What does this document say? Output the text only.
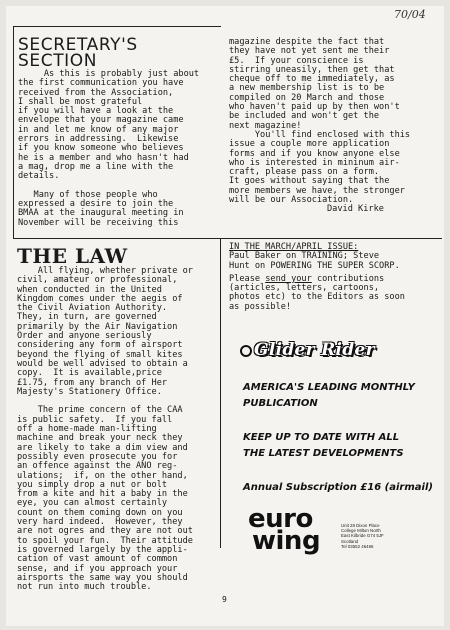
70/04
SECRETARY'S
SECTION
As this is probably just about
the first communication you have
received from the Association,
I shall be most grateful
if you will have a look at the
envelope that your magazine came
in and let me know of any major
errors in addressing.  Likewise
if you know someone who believes
he is a member and who hasn't had
a mag, drop me a line with the
details.

Many of those people who
expressed a desire to join the
BMAA at the inaugural meeting in
November will be receiving this
magazine despite the fact that
they have not yet sent me their
£5.  If your conscience is
stirring uneasily, then get that
cheque off to me immediately, as
a new membership list is to be
compiled on 20 March and those
who haven't paid up by then won't
be included and won't get the
next magazine!
You'll find enclosed with this
issue a couple more application
forms and if you know anyone else
who is interested in mininum air-
craft, please pass on a form.
It goes without saying that the
more members we have, the stronger
will be our Association.
David Kirke
THE LAW
All flying, whether private or
civil, amateur or professional,
when conducted in the United
Kingdom comes under the aegis of
the Civil Aviation Authority.
They, in turn, are governed
primarily by the Air Navigation
Order and anyone seriously
considering any form of airsport
beyond the flying of small kites
would be well advised to obtain a
copy.  It is available,price
£1.75, from any branch of Her
Majesty's Stationery Office.

The prime concern of the CAA
is public safety.  If you fall
off a home-made man-lifting
machine and break your neck they
are likely to take a dim view and
possibly even prosecute you for
an offence against the ANO reg-
ulations;  if, on the other hand,
you simply drop a nut or bolt
from a kite and hit a baby in the
eye, you can almost certainly
count on them coming down on you
very hard indeed.  However, they
are not ogres and they are not out
to spoil your fun.  Their attitude
is governed largely by the appli-
cation of vast amount of common
sense, and if you approach your
airsports the same way you should
not run into much trouble.
IN THE MARCH/APRIL ISSUE:
Paul Baker on TRAINING; Steve
Hunt on POWERING THE SUPER SCORP.
Please send your contributions
(articles, letters, cartoons,
photos etc) to the Editors as soon
as possible!
Glider Rider
AMERICA'S LEADING MONTHLY
PUBLICATION
KEEP UP TO DATE WITH ALL
THE LATEST DEVELOPMENTS
Annual Subscription £16 (airmail)
euro
wing
Unit 28 Dixon Place
College Milton North
East Kilbride G74 5JF
Scotland
Tel 03552 46466
9
